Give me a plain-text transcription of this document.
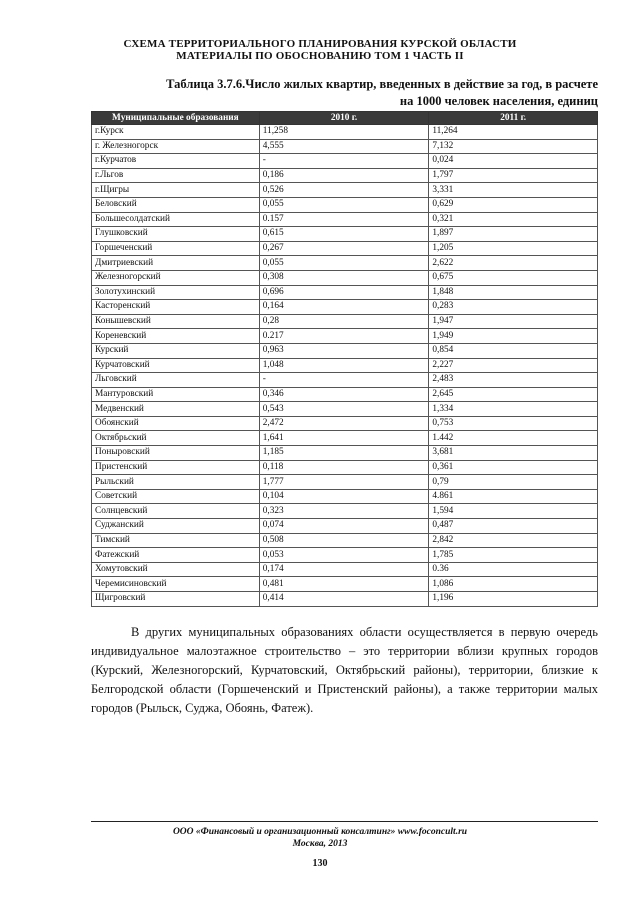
СХЕМА ТЕРРИТОРИАЛЬНОГО ПЛАНИРОВАНИЯ КУРСКОЙ ОБЛАСТИ
МАТЕРИАЛЫ ПО ОБОСНОВАНИЮ ТОМ 1 ЧАСТЬ II
Таблица 3.7.6.Число жилых квартир, введенных в действие за год, в расчете
на 1000 человек населения, единиц
Муниципальные образования	2010 г.	2011 г.
г.Курск	11,258	11,264
г. Железногорск	4,555	7,132
г.Курчатов	-	0,024
г.Льгов	0,186	1,797
г.Щигры	0,526	3,331
Беловский	0,055	0,629
Большесолдатский	0.157	0,321
Глушковский	0,615	1,897
Горшеченский	0,267	1,205
Дмитриевский	0,055	2,622
Железногорский	0,308	0,675
Золотухинский	0,696	1,848
Касторенский	0,164	0,283
Конышевский	0,28	1,947
Кореневский	0.217	1,949
Курский	0,963	0,854
Курчатовский	1,048	2,227
Льговский	-	2,483
Мантуровский	0,346	2,645
Медвенский	0,543	1,334
Обоянский	2,472	0,753
Октябрьский	1,641	1.442
Поныровский	1,185	3,681
Пристенский	0,118	0,361
Рыльский	1,777	0,79
Советский	0,104	4.861
Солнцевский	0,323	1,594
Суджанский	0,074	0,487
Тимский	0,508	2,842
Фатежский	0,053	1,785
Хомутовский	0,174	0.36
Черемисиновский	0,481	1,086
Щигровский	0,414	1,196

В других муниципальных образованиях области осуществляется в первую очередь индивидуальное малоэтажное строительство – это территории вблизи крупных городов (Курский, Железногорский, Курчатовский, Октябрьский районы), территории, близкие к Белгородской области (Горшеченский и Пристенский районы), а также территории малых городов (Рыльск, Суджа, Обоянь, Фатеж).

ООО «Финансовый и организационный консалтинг» www.foconcult.ru
Москва, 2013
130
